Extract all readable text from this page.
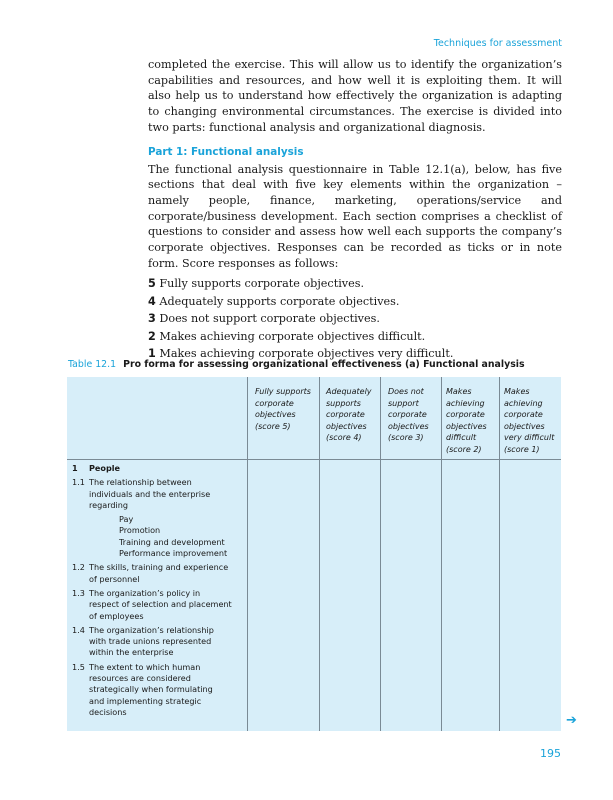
Techniques for assessment

completed the exercise. This will allow us to identify the organization’s capabilities and resources, and how well it is exploiting them. It will also help us to understand how effectively the organization is adapting to changing environmental circumstances. The exercise is divided into two parts: functional analysis and organizational diagnosis.

Part 1: Functional analysis

The functional analysis questionnaire in Table 12.1(a), below, has five sections that deal with five key elements within the organization – namely people, finance, marketing, operations/service and corporate/business development. Each section comprises a checklist of questions to consider and assess how well each supports the company’s corporate objectives. Responses can be recorded as ticks or in note form. Score responses as follows:

5 Fully supports corporate objectives.
4 Adequately supports corporate objectives.
3 Does not support corporate objectives.
2 Makes achieving corporate objectives difficult.
1 Makes achieving corporate objectives very difficult.
Table 12.1 Pro forma for assessing organizational effectiveness (a) Functional analysis
Fully supports
corporate
objectives
(score 5)
Adequately
supports
corporate
objectives
(score 4)
Does not
support
corporate
objectives
(score 3)
Makes
achieving
corporate
objectives
difficult
(score 2)
Makes
achieving
corporate
objectives
very difficult
(score 1)
1	People
1.1 The relationship between
individuals and the enterprise
regarding
Pay
Promotion
Training and development
Performance improvement
1.2 The skills, training and experience
of personnel
1.3 The organization’s policy in
respect of selection and placement
of employees
1.4 The organization’s relationship
with trade unions represented
within the enterprise
1.5 The extent to which human
resources are considered
strategically when formulating
and implementing strategic
decisions
➔
195
